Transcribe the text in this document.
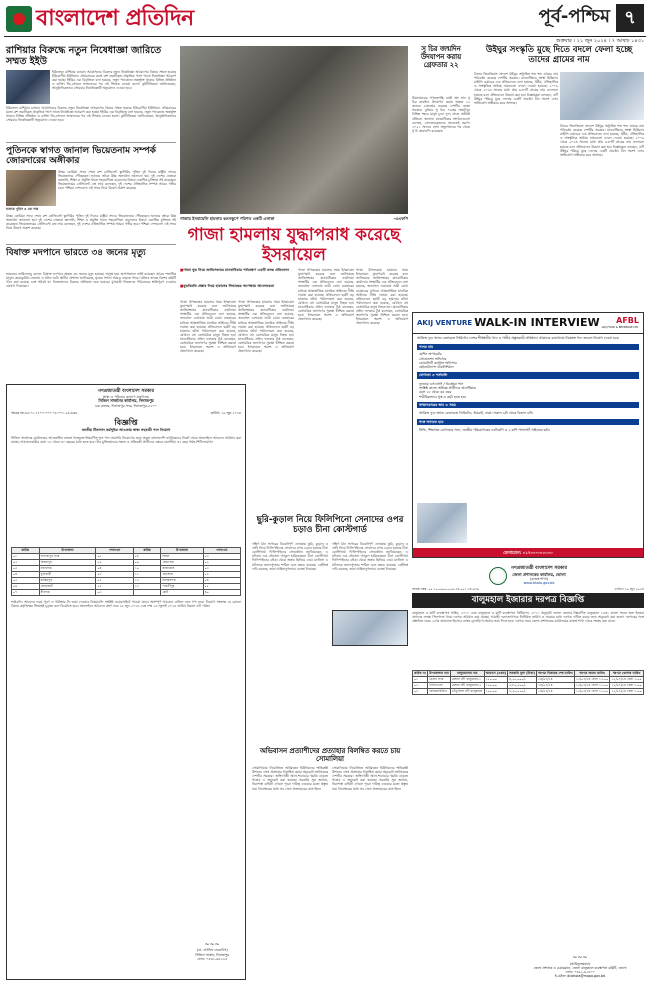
বাংলাদেশ প্রতিদিন	পূর্ব-পশ্চিম ৭
শুক্রবার । ২১ জুন ২০২৪ । ৭ আষাঢ় ১৪৩১
রাশিয়ার বিরুদ্ধে নতুন নিষেধাজ্ঞা জারিতে সম্মত ইইউ
ইউক্রেনে রাশিয়ার চলমান আগ্রাসনের বিরুদ্ধে নতুন নিষেধাজ্ঞা আরোপের বিষয়ে সম্মত হয়েছে ইউরোপীয় ইউনিয়ন। প্রথমবারের মতো রুশ তরলীকৃত প্রাকৃতিক গ্যাস খাতে নিষেধাজ্ঞা আরোপ করা হচ্ছে। ইইউর এক বিবৃতিতে বলা হয়েছে, নতুন প্যাকেজে অন্তর্ভুক্ত থাকবে বিভিন্ন প্রতিষ্ঠান ও ব্যক্তি। জি-সেভেন সম্মেলনের পর এই সিদ্ধান্ত নেওয়া হলো। কূটনীতিকরা জানিয়েছেন, আনুষ্ঠানিকভাবে সোমবার নিষেধাজ্ঞাটি অনুমোদন দেওয়া হবে।
ইউক্রেনে রাশিয়ার চলমান আগ্রাসনের বিরুদ্ধে নতুন নিষেধাজ্ঞা আরোপের বিষয়ে সম্মত হয়েছে ইউরোপীয় ইউনিয়ন। প্রথমবারের মতো রুশ তরলীকৃত প্রাকৃতিক গ্যাস খাতে নিষেধাজ্ঞা আরোপ করা হচ্ছে। ইইউর এক বিবৃতিতে বলা হয়েছে, নতুন প্যাকেজে অন্তর্ভুক্ত থাকবে বিভিন্ন প্রতিষ্ঠান ও ব্যক্তি। জি-সেভেন সম্মেলনের পর এই সিদ্ধান্ত নেওয়া হলো। কূটনীতিকরা জানিয়েছেন, আনুষ্ঠানিকভাবে সোমবার নিষেধাজ্ঞাটি অনুমোদন দেওয়া হবে।
গাজায় ইসরায়েলি হামলায় ধ্বংসস্তূপে পরিণত একটি এলাকা	-এএফপি
সু চির জন্মদিন উদযাপন করায় গ্রেফতার ২২
মিয়ানমারের গণতন্ত্রপন্থি নেত্রী অং সান সু চির জন্মদিন উদযাপন করায় অন্তত ২২ জনকে গ্রেফতার করেছে দেশটির জান্তা সরকার। বুধবার সু চির ৭৯তম জন্মদিনে বিভিন্ন শহরে মানুষ চুলে ফুল গুঁজে প্রতীকী প্রতিবাদ জানান। মানবাধিকার সংগঠনগুলো বলেছে, গ্রেফতারকৃতদের অনেকেই তরুণ। ২০২১ সালের সেনা অভ্যুত্থানের পর থেকে সু চি কারাবন্দি রয়েছেন।
উইঘুর সংস্কৃতি মুছে দিতে বদলে ফেলা হচ্ছে তাদের গ্রামের নাম
চীনের জিনজিয়াং প্রদেশে উইঘুর অধ্যুষিত শত শত গ্রামের নাম পরিবর্তন করেছে দেশটির সরকার। মানবাধিকার সংস্থা হিউম্যান রাইটস ওয়াচের এক প্রতিবেদনে বলা হয়েছে, ধর্মীয়, ঐতিহাসিক ও সাংস্কৃতিক অর্থবহ নামগুলো বদলে দেওয়া হয়েছে। ২০০৯ থেকে ২০২৩ সালের মধ্যে প্রায় ৬৩০টি গ্রামের নাম বদলানো হয়েছে বলে প্রতিবেদনে উল্লেখ করা হয়। বিশ্লেষকরা বলছেন, এটি উইঘুর পরিচয় মুছে ফেলার একটি প্রচেষ্টা। চীন অবশ্য এসব অভিযোগ অস্বীকার করে আসছে।
চীনের জিনজিয়াং প্রদেশে উইঘুর অধ্যুষিত শত শত গ্রামের নাম পরিবর্তন করেছে দেশটির সরকার। মানবাধিকার সংস্থা হিউম্যান রাইটস ওয়াচের এক প্রতিবেদনে বলা হয়েছে, ধর্মীয়, ঐতিহাসিক ও সাংস্কৃতিক অর্থবহ নামগুলো বদলে দেওয়া হয়েছে। ২০০৯ থেকে ২০২৩ সালের মধ্যে প্রায় ৬৩০টি গ্রামের নাম বদলানো হয়েছে বলে প্রতিবেদনে উল্লেখ করা হয়। বিশ্লেষকরা বলছেন, এটি উইঘুর পরিচয় মুছে ফেলার একটি প্রচেষ্টা। চীন অবশ্য এসব অভিযোগ অস্বীকার করে আসছে।
পুতিনকে স্বাগত জানাল ভিয়েতনাম সম্পর্ক জোরদারের অঙ্গীকার
হ্যানয়ে পুতিন ও তো লাম
উত্তর কোরিয়া সফর শেষে রুশ প্রেসিডেন্ট ভ্লাদিমির পুতিন দুই দিনের রাষ্ট্রীয় সফরে ভিয়েতনামে পৌঁছেছেন। হ্যানয়ে তাঁকে উষ্ণ অভ্যর্থনা জানানো হয়। দুই দেশের নেতারা জ্বালানি, শিক্ষা ও প্রযুক্তি খাতে সহযোগিতা বাড়ানোর বিষয়ে একাধিক চুক্তিতে সই করেছেন। ভিয়েতনামের প্রেসিডেন্ট তো লাম বলেছেন, দুই দেশের ঐতিহাসিক সম্পর্ক আরও গভীর হবে। পশ্চিমা দেশগুলো এই সফর নিয়ে উদ্বেগ প্রকাশ করেছে।
উত্তর কোরিয়া সফর শেষে রুশ প্রেসিডেন্ট ভ্লাদিমির পুতিন দুই দিনের রাষ্ট্রীয় সফরে ভিয়েতনামে পৌঁছেছেন। হ্যানয়ে তাঁকে উষ্ণ অভ্যর্থনা জানানো হয়। দুই দেশের নেতারা জ্বালানি, শিক্ষা ও প্রযুক্তি খাতে সহযোগিতা বাড়ানোর বিষয়ে একাধিক চুক্তিতে সই করেছেন। ভিয়েতনামের প্রেসিডেন্ট তো লাম বলেছেন, দুই দেশের ঐতিহাসিক সম্পর্ক আরও গভীর হবে। পশ্চিমা দেশগুলো এই সফর নিয়ে উদ্বেগ প্রকাশ করেছে।	গাজা হামলায় যুদ্ধাপরাধ করেছে ইসরায়েল
■ গাজা যুদ্ধ নিয়ে জাতিসংঘের মানবাধিকার পর্যবেক্ষণ একটি তদন্ত প্রতিবেদন
■ যুদ্ধবিরতি প্রস্তাব নিয়ে হামাসের সিদ্ধান্তের অপেক্ষায় আলোচকরা
গাজা উপত্যকায় হামলার সময় ইসরায়েল যুদ্ধাপরাধ করেছে বলে জানিয়েছে জাতিসংঘের মানবাধিকার কার্যালয়। সংস্থাটির এক প্রতিবেদনে বলা হয়েছে, জনবহুল এলাকায় ভারী বোমা ব্যবহারের মাধ্যমে আন্তর্জাতিক মানবিক আইনের নীতি লঙ্ঘন করা হয়েছে। প্রতিবেদনে ছয়টি বড় হামলার ঘটনা পর্যালোচনা করা হয়েছে, যেখানে বহু বেসামরিক মানুষ নিহত হন। মানবাধিকার প্রধান ফলকার টুর্ক বলেছেন, বেসামরিক জনগণের সুরক্ষা নিশ্চিত করতে হবে। ইসরায়েল অবশ্য এ অভিযোগ প্রত্যাখ্যান করেছে।
গাজা উপত্যকায় হামলার সময় ইসরায়েল যুদ্ধাপরাধ করেছে বলে জানিয়েছে জাতিসংঘের মানবাধিকার কার্যালয়। সংস্থাটির এক প্রতিবেদনে বলা হয়েছে, জনবহুল এলাকায় ভারী বোমা ব্যবহারের মাধ্যমে আন্তর্জাতিক মানবিক আইনের নীতি লঙ্ঘন করা হয়েছে। প্রতিবেদনে ছয়টি বড় হামলার ঘটনা পর্যালোচনা করা হয়েছে, যেখানে বহু বেসামরিক মানুষ নিহত হন। মানবাধিকার প্রধান ফলকার টুর্ক বলেছেন, বেসামরিক জনগণের সুরক্ষা নিশ্চিত করতে হবে। ইসরায়েল অবশ্য এ অভিযোগ প্রত্যাখ্যান করেছে।
গাজা উপত্যকায় হামলার সময় ইসরায়েল যুদ্ধাপরাধ করেছে বলে জানিয়েছে জাতিসংঘের মানবাধিকার কার্যালয়। সংস্থাটির এক প্রতিবেদনে বলা হয়েছে, জনবহুল এলাকায় ভারী বোমা ব্যবহারের মাধ্যমে আন্তর্জাতিক মানবিক আইনের নীতি লঙ্ঘন করা হয়েছে। প্রতিবেদনে ছয়টি বড় হামলার ঘটনা পর্যালোচনা করা হয়েছে, যেখানে বহু বেসামরিক মানুষ নিহত হন। মানবাধিকার প্রধান ফলকার টুর্ক বলেছেন, বেসামরিক জনগণের সুরক্ষা নিশ্চিত করতে হবে। ইসরায়েল অবশ্য এ অভিযোগ প্রত্যাখ্যান করেছে।
গাজা উপত্যকায় হামলার সময় ইসরায়েল যুদ্ধাপরাধ করেছে বলে জানিয়েছে জাতিসংঘের মানবাধিকার কার্যালয়। সংস্থাটির এক প্রতিবেদনে বলা হয়েছে, জনবহুল এলাকায় ভারী বোমা ব্যবহারের মাধ্যমে আন্তর্জাতিক মানবিক আইনের নীতি লঙ্ঘন করা হয়েছে। প্রতিবেদনে ছয়টি বড় হামলার ঘটনা পর্যালোচনা করা হয়েছে, যেখানে বহু বেসামরিক মানুষ নিহত হন। মানবাধিকার প্রধান ফলকার টুর্ক বলেছেন, বেসামরিক জনগণের সুরক্ষা নিশ্চিত করতে হবে। ইসরায়েল অবশ্য এ অভিযোগ প্রত্যাখ্যান করেছে।
বিষাক্ত মদপানে ভারতে ৩৪ জনের মৃত্যু
ভারতের তামিলনাড়ু রাজ্যে বিষাক্ত মদপানে অন্তত ৩৪ জনের মৃত্যু হয়েছে। অসুস্থ হয়ে হাসপাতালে ভর্তি রয়েছেন আরও শতাধিক মানুষ। কাল্লাকুরিচি জেলায় এ ঘটনা ঘটে। স্থানীয় প্রশাসন জানিয়েছে, মৃতের সংখ্যা আরও বাড়তে পারে। ঘটনার তদন্তে বিশেষ কমিটি গঠন করা হয়েছে এবং অবৈধ মদ বিক্রেতাদের বিরুদ্ধে অভিযান শুরু হয়েছে। মুখ্যমন্ত্রী নিহতদের পরিবারকে ক্ষতিপূরণ দেওয়ার ঘোষণা দিয়েছেন।
AKIJ VENTURE WALK-IN INTERVIEW	AFBL
AKIJ FOOD & BEVERAGE LTD.
আকিজ ফুড অ্যান্ড বেভারেজ লিমিটেড দেশের শীর্ষস্থানীয় খাদ্য ও পানীয় প্রস্তুতকারী প্রতিষ্ঠান। আমাদের কারখানায় নিম্নোক্ত পদে জনবল নিয়োগ দেওয়া হবে।
পদের নাম
মেশিন অপারেটর
প্রোডাকশন অফিসার
কোয়ালিটি কন্ট্রোল অফিসার
মেইনটেন্যান্স টেকনিশিয়ান
যোগ্যতা ও শর্তাবলি
ন্যূনতম এসএসসি / ডিপ্লোমা পাস
সংশ্লিষ্ট কাজে অভিজ্ঞ প্রার্থীদের অগ্রাধিকার
বয়স ১৮ থেকে ৩৫ বছর
শারীরিকভাবে সুস্থ ও কর্মঠ হতে হবে
সাক্ষাৎকারের স্থান ও সময়
আকিজ ফুড অ্যান্ড বেভারেজ লিমিটেড, ধামরাই, ঢাকা। সকাল ৯টা থেকে বিকাল ৪টা।
সঙ্গে আনতে হবে
সিভি, শিক্ষাগত যোগ্যতার সনদ, জাতীয় পরিচয়পত্রের ফটোকপি ও ২ কপি পাসপোর্ট সাইজের ছবি।
যোগাযোগ: ০১৭০০-০০০০০০
গণপ্রজাতন্ত্রী বাংলাদেশ সরকার
স্বাস্থ্য ও পরিবার কল্যাণ মন্ত্রণালয়
সিভিল সার্জনের কার্যালয়, দিনাজপুর
চক বাজার, দিনাজপুর সদর, দিনাজপুর-৫২০০
স্মারক নং-৪৫.০১.২৭০০.০০০.০৫.০০১.২৪-৬৩৬	তারিখ: ১৯ জুন ২০২৪
বিজ্ঞপ্তি
জাতীয় টিকাদান কর্মসূচির আওতায় স্বাস্থ্য সহকারী পদে নিয়োগ
সিভিল সার্জনের কার্যালয়ের আওতাধীন রাজস্ব খাতভুক্ত নিম্নবর্ণিত শূন্য পদে সরাসরি নিয়োগের জন্য প্রকৃত বাংলাদেশি নাগরিকদের নিকট থেকে অনলাইনে আবেদন আহ্বান করা যাচ্ছে। আবেদনকারীর বয়স ১৮ থেকে ৩০ বছরের মধ্যে হতে হবে। বীর মুক্তিযোদ্ধার সন্তান ও প্রতিবন্ধী প্রার্থীদের ক্ষেত্রে বয়সসীমা ৩২ বছর পর্যন্ত শিথিলযোগ্য।
ক্রমিক	উপজেলা	পদসংখ্যা	ক্রমিক	উপজেলা	পদসংখ্যা
০১	দিনাজপুর সদর	০৫	০৮	বিরল	০৩
০২	বিরামপুর	০২	০৯	বোচাগঞ্জ	০২
০৩	নবাবগঞ্জ	০৪	১০	কাহারোল	০৩
০৪	ফুলবাড়ী	০৩	১১	খানসামা	০২
০৫	হাকিমপুর	০২	১২	চিরিরবন্দর	০৪
০৬	ঘোড়াঘাট	০২	১৩	পার্বতীপুর	০৫
০৭	বীরগঞ্জ	০৩		মোট	৪০
শর্তাবলি: আবেদন ফরম পূরণ ও পরীক্ষার ফি জমা দেওয়ার নিয়মাবলি সংশ্লিষ্ট ওয়েবসাইটে পাওয়া যাবে। অসম্পূর্ণ আবেদন বাতিল বলে গণ্য হবে। নিয়োগ সংক্রান্ত যে কোনো বিষয়ে কর্তৃপক্ষের সিদ্ধান্তই চূড়ান্ত বলে বিবেচিত হবে। অনলাইনে আবেদন গ্রহণ শুরু ২৫ জুন ২০২৪ এবং শেষ ২৪ জুলাই ২০২৪ তারিখ বিকাল ৫টা পর্যন্ত।
~~~
(ডা. আসিফ ফেরদৌস)
সিভিল সার্জন, দিনাজপুর
ফোন: ০৫৩১-৬৫২২৫
ছুরি-কুড়াল নিয়ে ফিলিপিনো সেনাদের ওপর চড়াও চীনা কোস্টগার্ড
দক্ষিণ চীন সাগরের বিরোধপূর্ণ এলাকায় ছুরি, কুড়াল ও লাঠি নিয়ে ফিলিপাইনের সেনাদের ওপর চড়াও হয়েছে চীনা কোস্টগার্ড। ফিলিপাইনের সেনাপ্রধান জানিয়েছেন, এ ঘটনায় এক নৌসেনা আঙুল হারিয়েছেন। চীনা কোস্টগার্ড ফিলিপাইনের নৌকা থেকে অস্ত্রও ছিনিয়ে নেয়। ম্যানিলা এ ঘটনাকে জলদস্যুতার শামিল বলে মন্তব্য করেছে। বেইজিং দাবি করেছে, তারা আইনানুগভাবে ব্যবস্থা নিয়েছে।
দক্ষিণ চীন সাগরের বিরোধপূর্ণ এলাকায় ছুরি, কুড়াল ও লাঠি নিয়ে ফিলিপাইনের সেনাদের ওপর চড়াও হয়েছে চীনা কোস্টগার্ড। ফিলিপাইনের সেনাপ্রধান জানিয়েছেন, এ ঘটনায় এক নৌসেনা আঙুল হারিয়েছেন। চীনা কোস্টগার্ড ফিলিপাইনের নৌকা থেকে অস্ত্রও ছিনিয়ে নেয়। ম্যানিলা এ ঘটনাকে জলদস্যুতার শামিল বলে মন্তব্য করেছে। বেইজিং দাবি করেছে, তারা আইনানুগভাবে ব্যবস্থা নিয়েছে।
অভিবাসন প্রত্যাশীদের প্রত্যাহার বিলম্বিত করতে চায় সোমালিয়া
সোমালিয়ায় নিয়োজিত আফ্রিকান ইউনিয়নের শান্তিরক্ষী মিশনের সেনা প্রত্যাহার বিলম্বিত করার অনুরোধ জানিয়েছে দেশটির সরকার। জঙ্গিগোষ্ঠী আল-শাবাবের হুমকি বাড়তে থাকায় এ অনুরোধ করা হয়েছে। সরকারি সূত্র জানায়, নিরাপত্তা বাহিনী এখনো পুরো দায়িত্ব নেওয়ার মতো প্রস্তুত নয়। ডিসেম্বরের মধ্যে সব সেনা প্রত্যাহারের কথা ছিল।
সোমালিয়ায় নিয়োজিত আফ্রিকান ইউনিয়নের শান্তিরক্ষী মিশনের সেনা প্রত্যাহার বিলম্বিত করার অনুরোধ জানিয়েছে দেশটির সরকার। জঙ্গিগোষ্ঠী আল-শাবাবের হুমকি বাড়তে থাকায় এ অনুরোধ করা হয়েছে। সরকারি সূত্র জানায়, নিরাপত্তা বাহিনী এখনো পুরো দায়িত্ব নেওয়ার মতো প্রস্তুত নয়। ডিসেম্বরের মধ্যে সব সেনা প্রত্যাহারের কথা ছিল।
গণপ্রজাতন্ত্রী বাংলাদেশ সরকার
জেলা প্রশাসকের কার্যালয়, ভোলা
(রাজস্ব শাখা)
www.bhola.gov.bd
স্মারক নম্বর- ০৫.১০.০৯০০.০০৯.২৪.০০১.২৪-৯৭৯	তারিখ: ২০ জুন ২০২৪
বালুমহাল ইজারার দরপত্র বিজ্ঞপ্তি
বালুমহাল ও মাটি ব্যবস্থাপনা আইন, ২০১০ এবং বালুমহাল ও মাটি ব্যবস্থাপনা বিধিমালা, ২০১১ অনুযায়ী ভোলা জেলার নিম্নবর্ণিত বালুমহাল ১৪৩১ বাংলা সনের জন্য ইজারা প্রদানের লক্ষ্যে সিলগালা খামে দরপত্র আহ্বান করা যাচ্ছে। আগ্রহী দরদাতাগণকে নির্ধারিত তারিখ ও সময়ের মধ্যে দরপত্র দাখিল করার জন্য অনুরোধ করা হলো। দরপত্রের সঙ্গে প্রস্তাবিত দরের ২৫% জামানত হিসেবে ব্যাংক ড্রাফট/পে-অর্ডার জমা দিতে হবে। দরপত্র ফরম জেলা প্রশাসকের কার্যালয়ের রাজস্ব শাখা থেকে সংগ্রহ করা যাবে।
ক্রমিক নং	উপজেলার নাম	বালুমহালের নাম	আয়তন (একর)	সরকারি মূল্য (টাকা)	দরপত্র বিক্রয়ের শেষ তারিখ	দরপত্র জমার তারিখ	দরপত্র খোলার তারিখ
০১	ভোলা সদর	মেঘনা নদী বালুমহাল-১	১৫০.০০	৪,৫০,০০০/-	১৪/০৭/২৪	১৫/০৭/২৪ বেলা ১২.০০	১৫/০৭/২৪ বেলা ৩.০০
০২	দৌলতখান	মেঘনা নদী বালুমহাল-২	১২০.০০	৩,৮০,০০০/-	১৪/০৭/২৪	১৫/০৭/২৪ বেলা ১২.০০	১৫/০৭/২৪ বেলা ৩.০০
০৩	বোরহানউদ্দিন	তেঁতুলিয়া নদী বালুমহাল	১০০.০০	৩,২০,০০০/-	১৪/০৭/২৪	১৫/০৭/২৪ বেলা ১২.০০	১৫/০৭/২৪ বেলা ৩.০০
~~~
(আরিফুজ্জামান)
জেলা প্রশাসক ও চেয়ারম্যান, জেলা বালুমহাল ব্যবস্থাপনা কমিটি, ভোলা
ফোন: ০৪৯১-৬১৪০০
ই-মেইল: dcbhola@mopa.gov.bd
